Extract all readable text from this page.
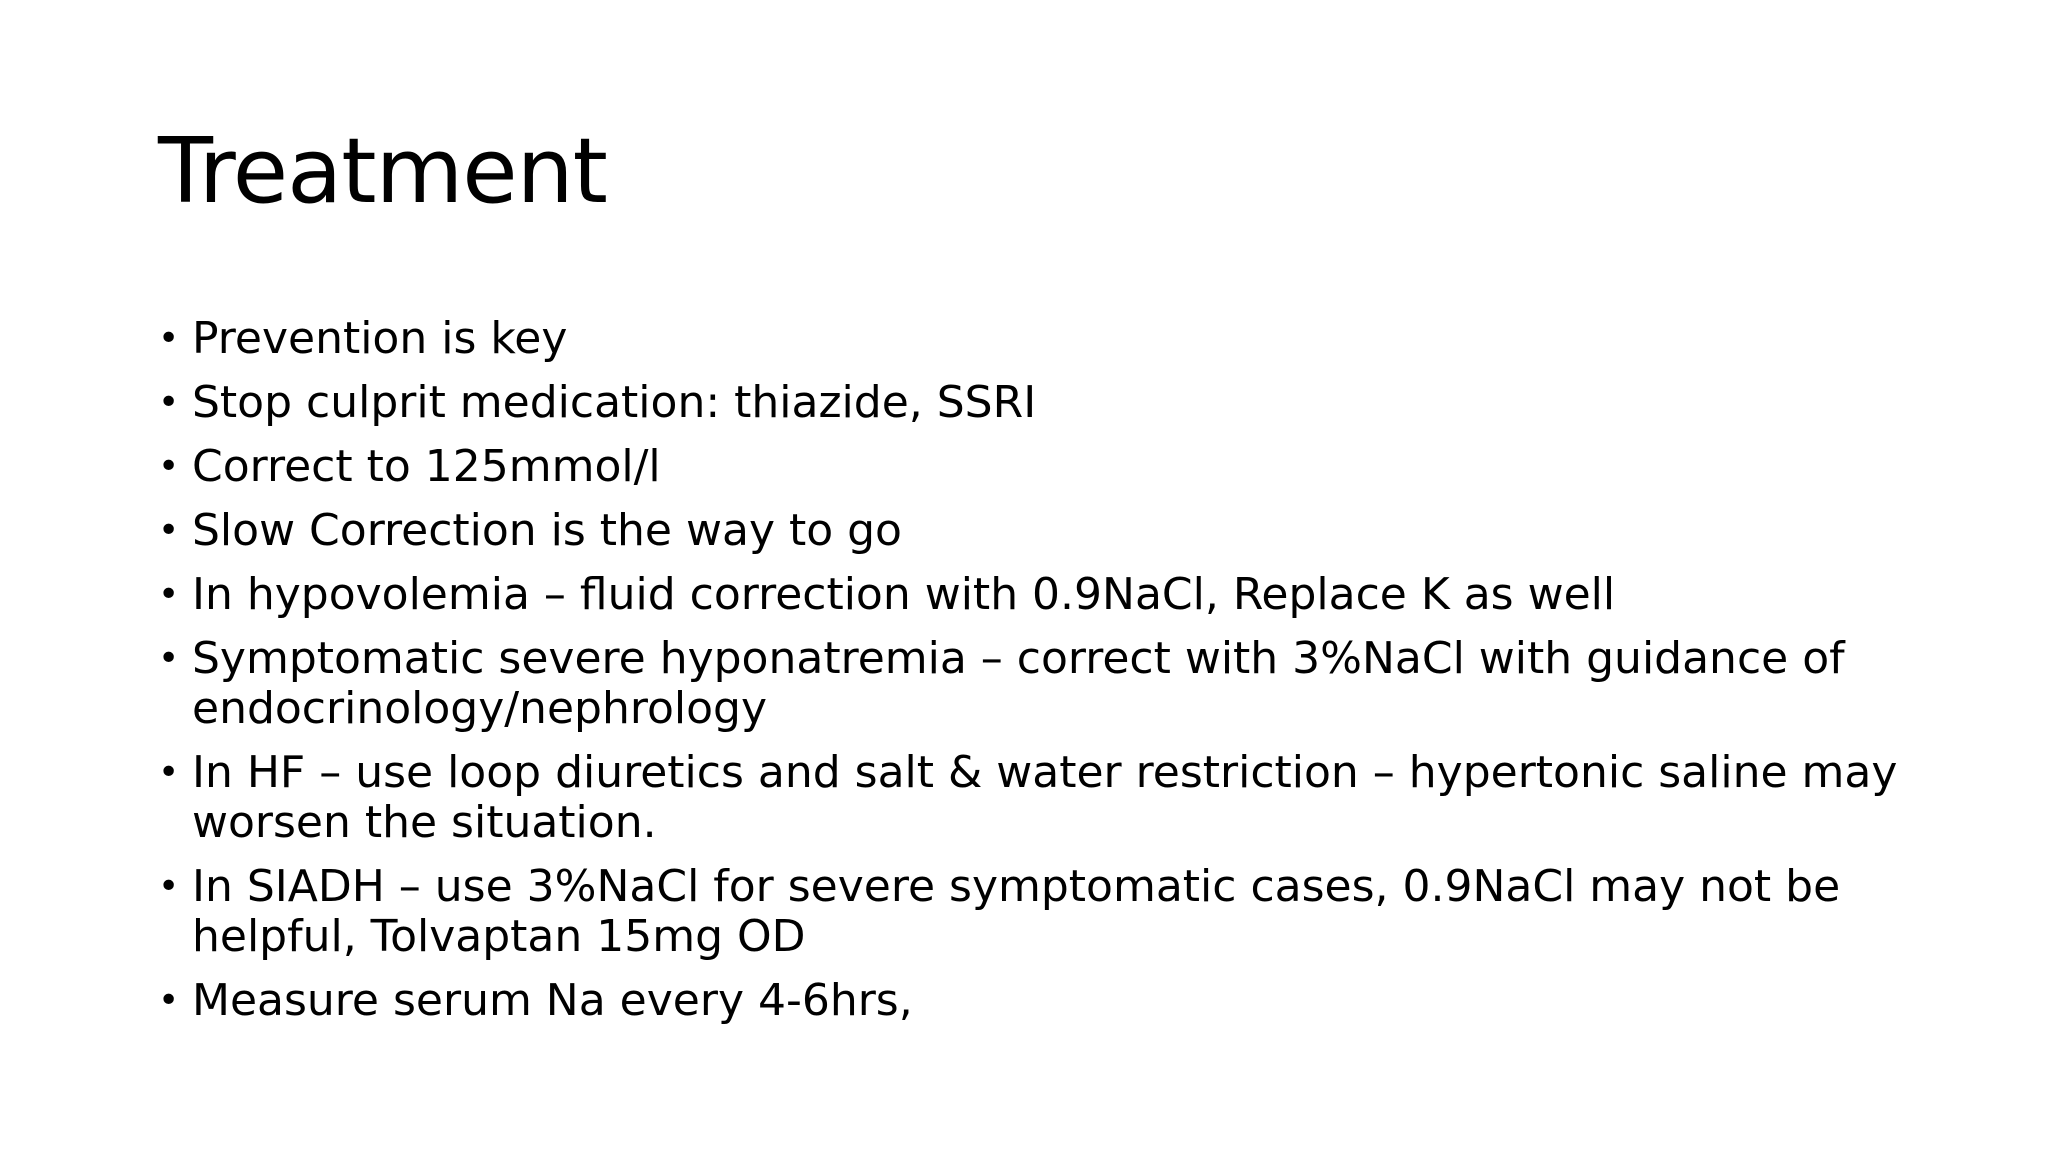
Treatment
• Prevention is key
• Stop culprit medication: thiazide, SSRI
• Correct to 125mmol/l
• Slow Correction is the way to go
• In hypovolemia – fluid correction with 0.9NaCl, Replace K as well
• Symptomatic severe hyponatremia – correct with 3%NaCl with guidance of endocrinology/nephrology
• In HF – use loop diuretics and salt & water restriction – hypertonic saline may worsen the situation.
• In SIADH – use 3%NaCl for severe symptomatic cases, 0.9NaCl may not be helpful, Tolvaptan 15mg OD
• Measure serum Na every 4-6hrs,
